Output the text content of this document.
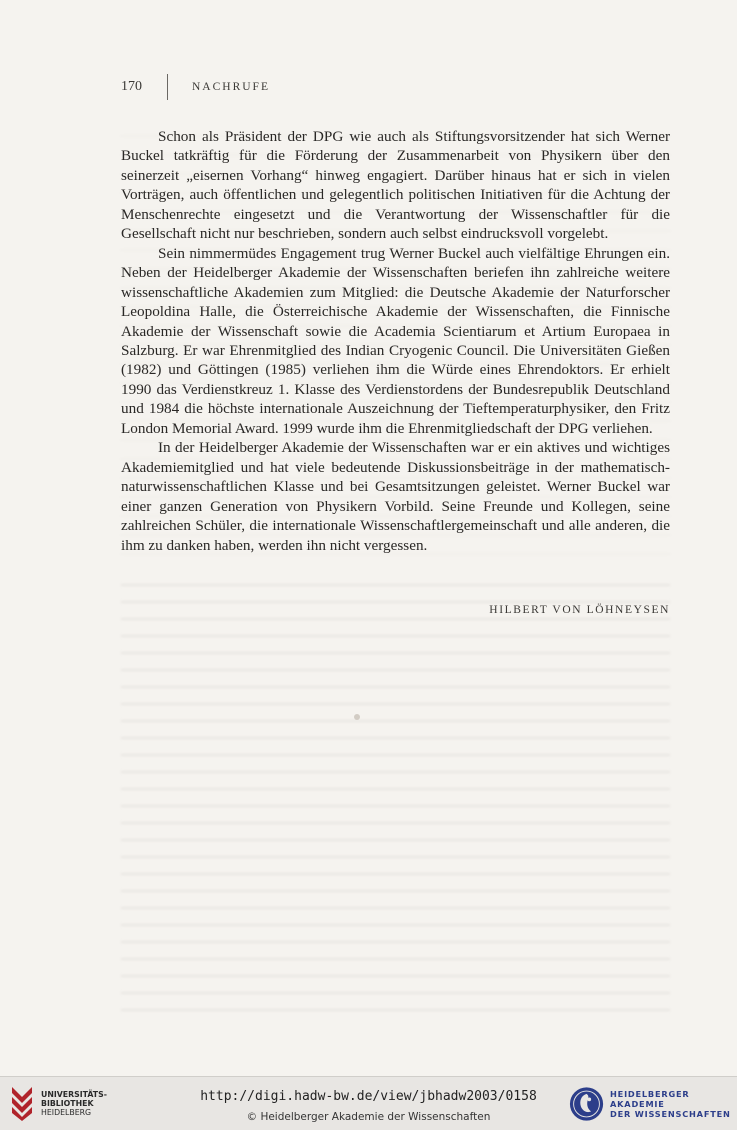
170	NACHRUFE

Schon als Präsident der DPG wie auch als Stiftungsvorsitzender hat sich Werner Buckel tatkräftig für die Förderung der Zusammenarbeit von Physikern über den seinerzeit „eisernen Vorhang“ hinweg engagiert. Darüber hinaus hat er sich in vielen Vorträgen, auch öffentlichen und gelegentlich politischen Initiativen für die Achtung der Menschenrechte eingesetzt und die Verantwortung der Wissenschaftler für die Gesellschaft nicht nur beschrieben, sondern auch selbst eindrucksvoll vorgelebt.

Sein nimmermüdes Engagement trug Werner Buckel auch vielfältige Ehrungen ein. Neben der Heidelberger Akademie der Wissenschaften beriefen ihn zahlreiche weitere wissenschaftliche Akademien zum Mitglied: die Deutsche Akademie der Naturforscher Leopoldina Halle, die Österreichische Akademie der Wissenschaften, die Finnische Akademie der Wissenschaft sowie die Academia Scientiarum et Artium Europaea in Salzburg. Er war Ehrenmitglied des Indian Cryogenic Council. Die Universitäten Gießen (1982) und Göttingen (1985) verliehen ihm die Würde eines Ehrendoktors. Er erhielt 1990 das Verdienstkreuz 1. Klasse des Verdienstordens der Bundesrepublik Deutschland und 1984 die höchste internationale Auszeichnung der Tieftemperaturphysiker, den Fritz London Memorial Award. 1999 wurde ihm die Ehrenmitgliedschaft der DPG verliehen.

In der Heidelberger Akademie der Wissenschaften war er ein aktives und wichtiges Akademiemitglied und hat viele bedeutende Diskussionsbeiträge in der mathematisch-naturwissenschaftlichen Klasse und bei Gesamtsitzungen geleistet. Werner Buckel war einer ganzen Generation von Physikern Vorbild. Seine Freunde und Kollegen, seine zahlreichen Schüler, die internationale Wissenschaftlergemeinschaft und alle anderen, die ihm zu danken haben, werden ihn nicht vergessen.

HILBERT VON LÖHNEYSEN
UNIVERSITÄTS-
BIBLIOTHEK
HEIDELBERG
http://digi.hadw-bw.de/view/jbhadw2003/0158
© Heidelberger Akademie der Wissenschaften
HEIDELBERGER AKADEMIE
DER WISSENSCHAFTEN
